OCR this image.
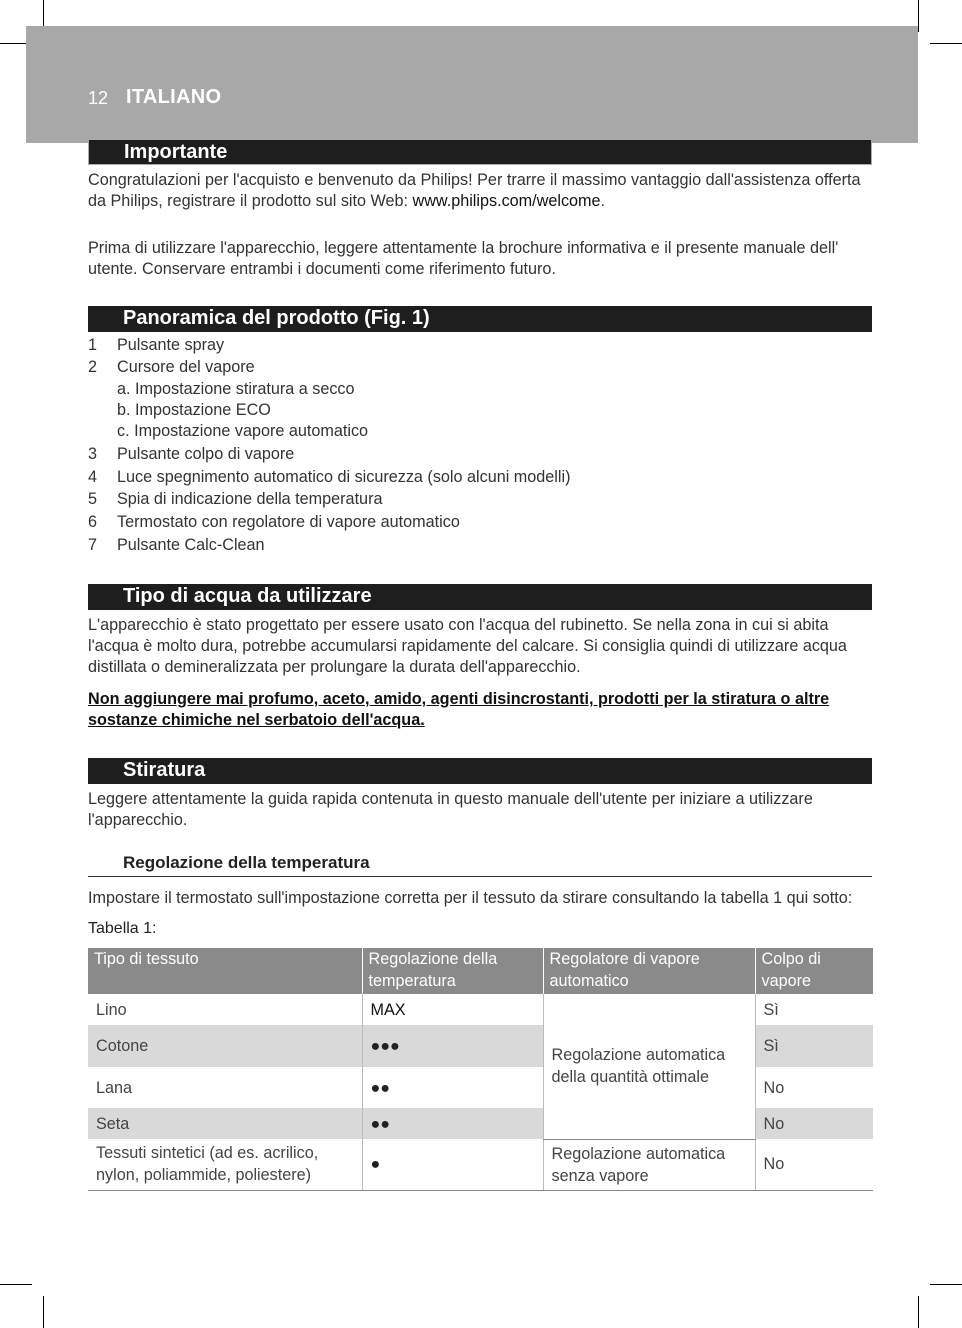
12 ITALIANO
Importante
Congratulazioni per l'acquisto e benvenuto da Philips! Per trarre il massimo vantaggio dall'assistenza offerta da Philips, registrare il prodotto sul sito Web: www.philips.com/welcome.
Prima di utilizzare l'apparecchio, leggere attentamente la brochure informativa e il presente manuale dell' utente. Conservare entrambi i documenti come riferimento futuro.
Panoramica del prodotto (Fig. 1)
1	Pulsante spray
2	Cursore del vapore
a. Impostazione stiratura a secco
b. Impostazione ECO
c. Impostazione vapore automatico
3	Pulsante colpo di vapore
4	Luce spegnimento automatico di sicurezza (solo alcuni modelli)
5	Spia di indicazione della temperatura
6	Termostato con regolatore di vapore automatico
7	Pulsante Calc-Clean
Tipo di acqua da utilizzare
L'apparecchio è stato progettato per essere usato con l'acqua del rubinetto. Se nella zona in cui si abita l'acqua è molto dura, potrebbe accumularsi rapidamente del calcare. Si consiglia quindi di utilizzare acqua distillata o demineralizzata per prolungare la durata dell'apparecchio.
Non aggiungere mai profumo, aceto, amido, agenti disincrostanti, prodotti per la stiratura o altre sostanze chimiche nel serbatoio dell'acqua.
Stiratura
Leggere attentamente la guida rapida contenuta in questo manuale dell'utente per iniziare a utilizzare l'apparecchio.
Regolazione della temperatura
Impostare il termostato sull'impostazione corretta per il tessuto da stirare consultando la tabella 1 qui sotto:
Tabella 1:
Tipo di tessuto	Regolazione della temperatura	Regolatore di vapore automatico	Colpo di vapore
Lino	MAX	Regolazione automatica della quantità ottimale	Sì
Cotone	●●●		Sì
Lana	●●		No
Seta	●●		No
Tessuti sintetici (ad es. acrilico, nylon, poliammide, poliestere)	●	Regolazione automatica senza vapore	No
